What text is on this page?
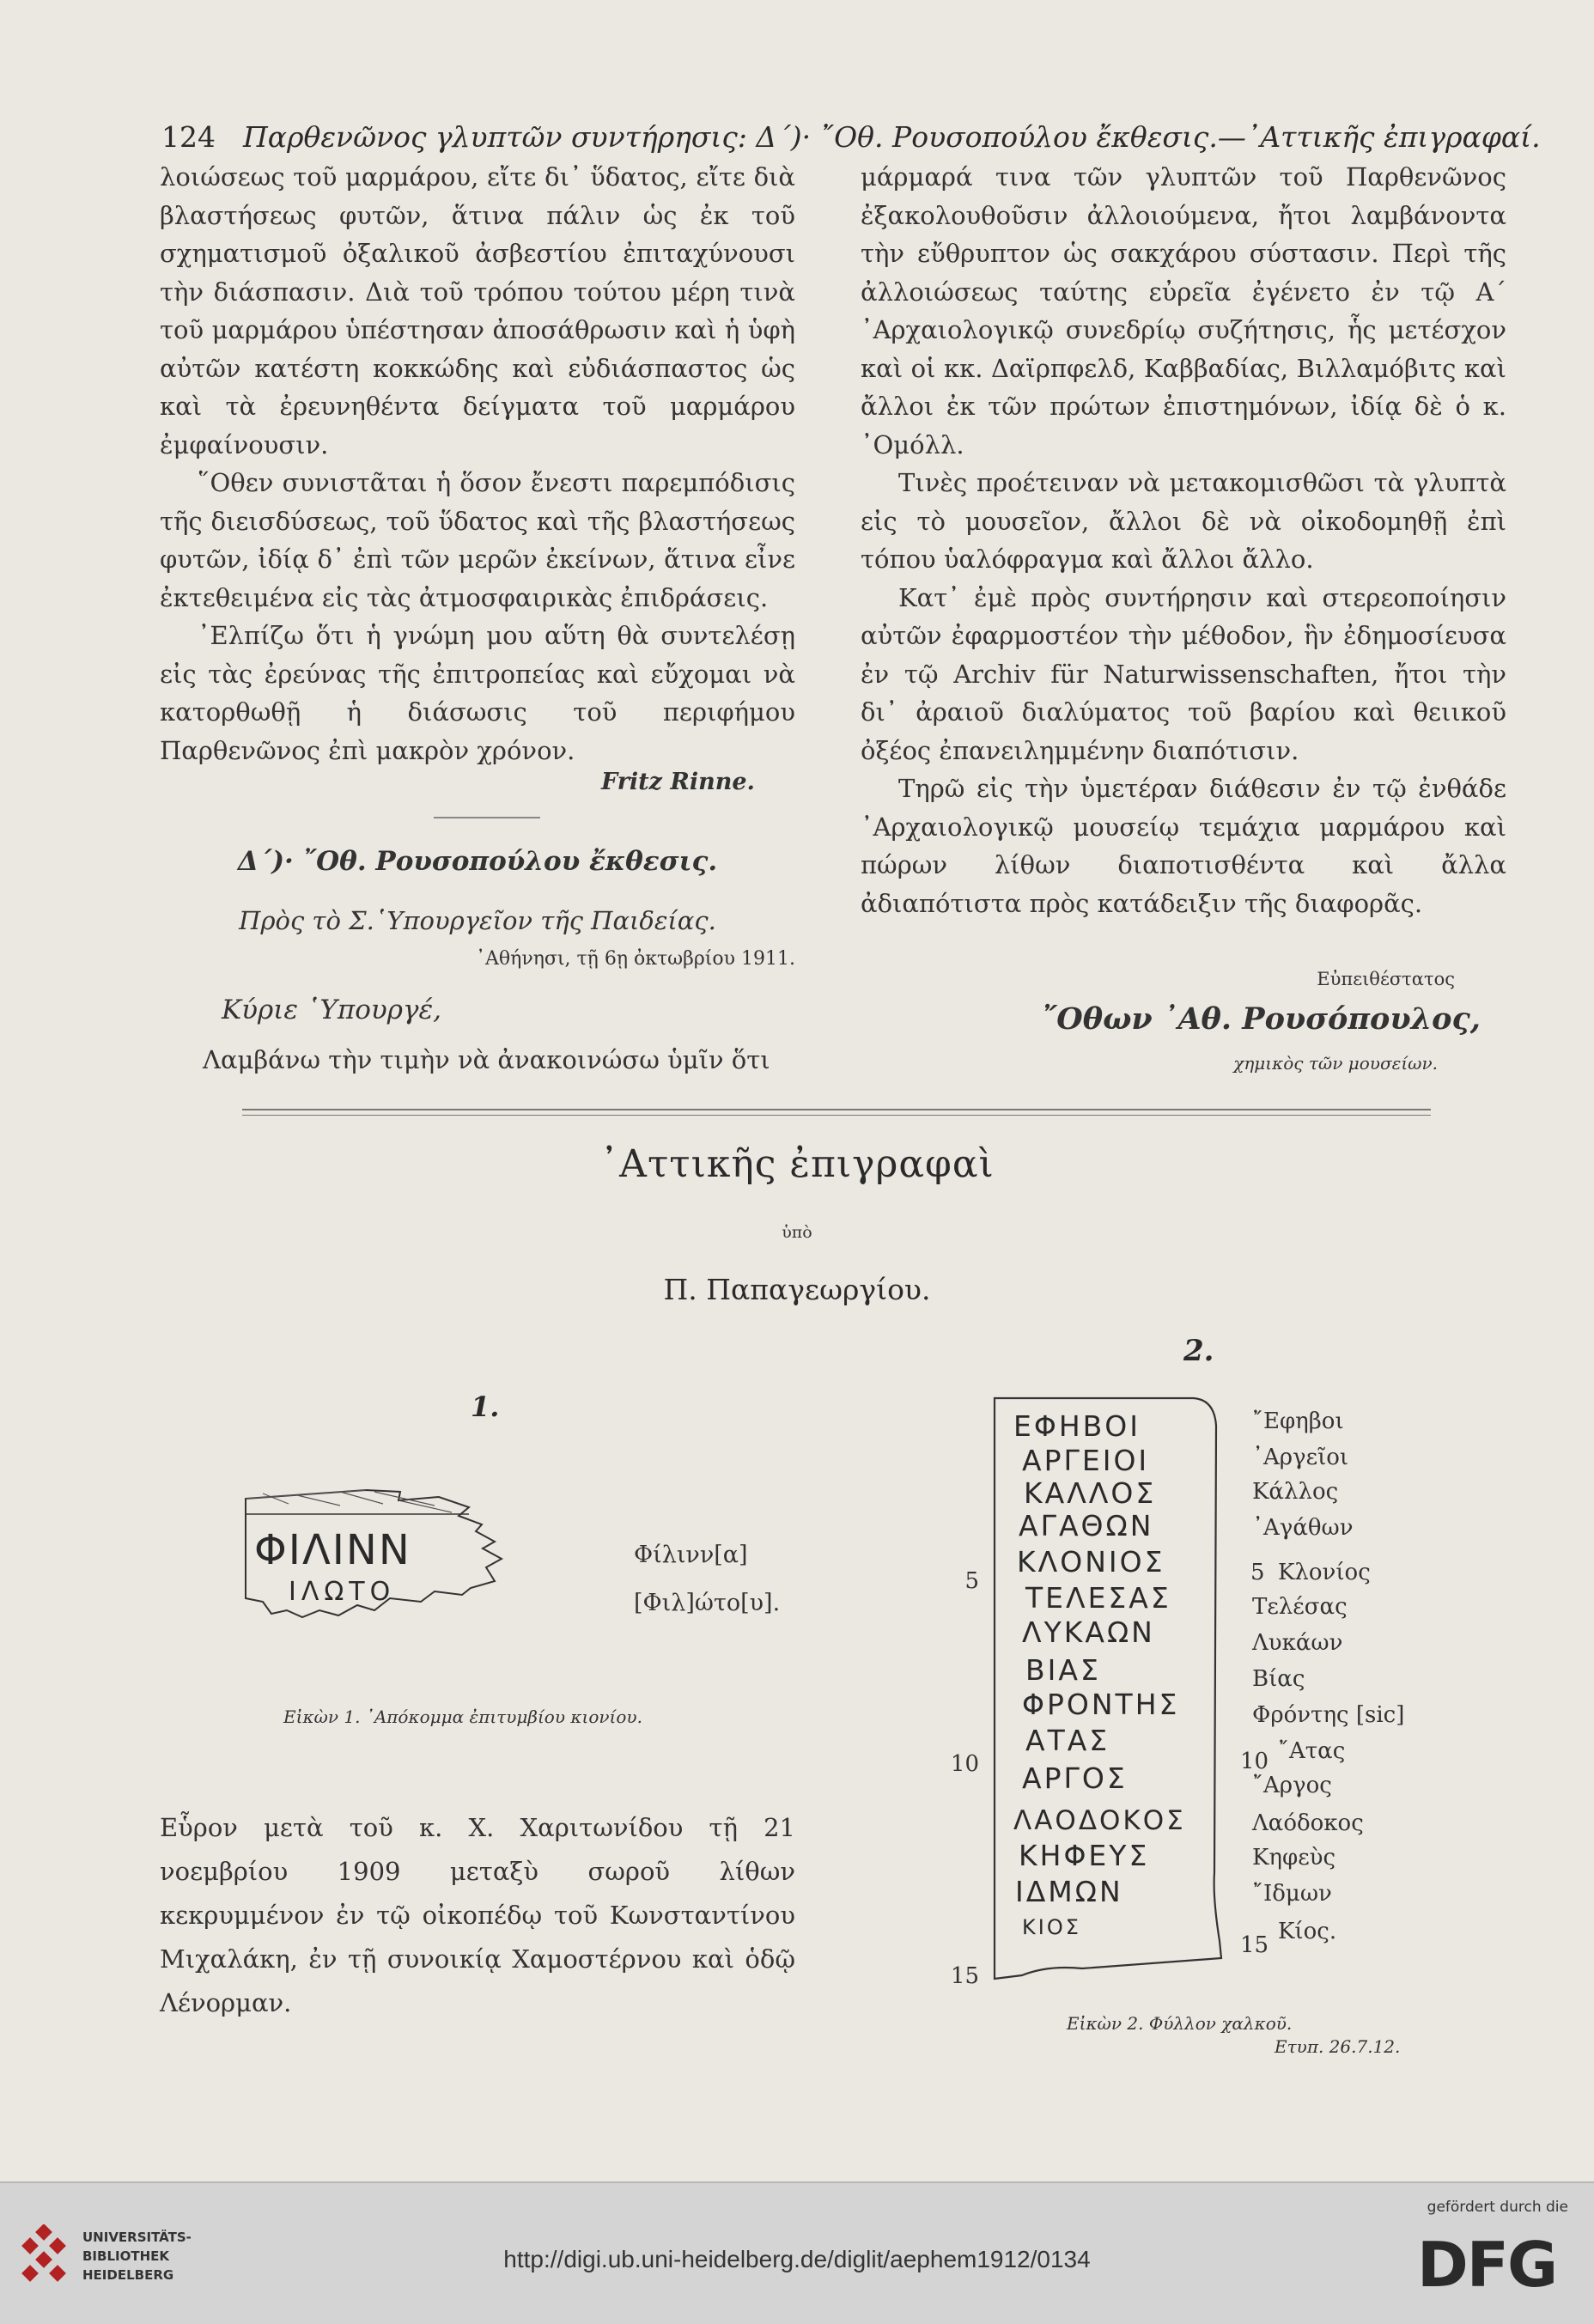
124 Παρθενῶνος γλυπτῶν συντήρησις: Δ΄)· ῎Οθ. Ρουσοπούλου ἔκθεσις.—᾿Αττικῆς ἐπιγραφαί.

λοιώσεως τοῦ μαρμάρου, εἴτε δι᾿ ὕδατος, εἴτε διὰ βλαστήσεως φυτῶν, ἅτινα πάλιν ὡς ἐκ τοῦ σχηματισμοῦ ὀξαλικοῦ ἀσβεστίου ἐπιταχύνουσι τὴν διάσπασιν. Διὰ τοῦ τρόπου τούτου μέρη τινὰ τοῦ μαρμάρου ὑπέστησαν ἀποσάθρωσιν καὶ ἡ ὑφὴ αὐτῶν κατέστη κοκκώδης καὶ εὐδιάσπαστος ὡς καὶ τὰ ἐρευνηθέντα δείγματα τοῦ μαρμάρου ἐμφαίνουσιν.

῞Οθεν συνιστᾶται ἡ ὅσον ἔνεστι παρεμπόδισις τῆς διεισδύσεως, τοῦ ὕδατος καὶ τῆς βλαστήσεως φυτῶν, ἰδίᾳ δ᾿ ἐπὶ τῶν μερῶν ἐκείνων, ἅτινα εἶνε ἐκτεθειμένα εἰς τὰς ἀτμοσφαιρικὰς ἐπιδράσεις.

᾿Ελπίζω ὅτι ἡ γνώμη μου αὕτη θὰ συντελέσῃ εἰς τὰς ἐρεύνας τῆς ἐπιτροπείας καὶ εὔχομαι νὰ κατορθωθῇ ἡ διάσωσις τοῦ περιφήμου Παρθενῶνος ἐπὶ μακρὸν χρόνον.

Fritz Rinne.
Δ΄)· ῎Οθ. Ρουσοπούλου ἔκθεσις.
Πρὸς τὸ Σ.῾Υπουργεῖον τῆς Παιδείας.
᾿Αθήνησι, τῇ 6ῃ ὀκτωβρίου 1911.
Κύριε ῾Υπουργέ,
Λαμβάνω τὴν τιμὴν νὰ ἀνακοινώσω ὑμῖν ὅτι

μάρμαρά τινα τῶν γλυπτῶν τοῦ Παρθενῶνος ἐξακολουθοῦσιν ἀλλοιούμενα, ἤτοι λαμβάνοντα τὴν εὔθρυπτον ὡς σακχάρου σύστασιν. Περὶ τῆς ἀλλοιώσεως ταύτης εὐρεῖα ἐγένετο ἐν τῷ Α΄ ᾿Αρχαιολογικῷ συνεδρίῳ συζήτησις, ἧς μετέσχον καὶ οἱ κκ. Δαϊρπφελδ, Καββαδίας, Βιλλαμόβιτς καὶ ἄλλοι ἐκ τῶν πρώτων ἐπιστημόνων, ἰδίᾳ δὲ ὁ κ. ᾿Ομόλλ.

Τινὲς προέτειναν νὰ μετακομισθῶσι τὰ γλυπτὰ εἰς τὸ μουσεῖον, ἄλλοι δὲ νὰ οἰκοδομηθῇ ἐπὶ τόπου ὑαλόφραγμα καὶ ἄλλοι ἄλλο.

Κατ᾿ ἐμὲ πρὸς συντήρησιν καὶ στερεοποίησιν αὐτῶν ἐφαρμοστέον τὴν μέθοδον, ἣν ἐδημοσίευσα ἐν τῷ Archiv für Naturwissenschaften, ἤτοι τὴν δι᾿ ἀραιοῦ διαλύματος τοῦ βαρίου καὶ θειικοῦ ὀξέος ἐπανειλημμένην διαπότισιν.

Τηρῶ εἰς τὴν ὑμετέραν διάθεσιν ἐν τῷ ἐνθάδε ᾿Αρχαιολογικῷ μουσείῳ τεμάχια μαρμάρου καὶ πώρων λίθων διαποτισθέντα καὶ ἄλλα ἀδιαπότιστα πρὸς κατάδειξιν τῆς διαφορᾶς.

Εὐπειθέστατος
῎Οθων ᾿Αθ. Ρουσόπουλος,
χημικὸς τῶν μουσείων.
᾿Αττικῆς ἐπιγραφαὶ
ὑπὸ
Π. Παπαγεωργίου.
1.
ΦΙΛΙΝΝ
ΙΛΩΤΟ
Φίλινν[α]
[Φιλ]ώτο[υ].
Εἰκὼν 1. ᾿Απόκομμα ἐπιτυμβίου κιονίου.
Εὗρον μετὰ τοῦ κ. Χ. Χαριτωνίδου τῇ 21 νοεμβρίου 1909 μεταξὺ σωροῦ λίθων κεκρυμμένον ἐν τῷ οἰκοπέδῳ τοῦ Κωνσταντίνου Μιχαλάκη, ἐν τῇ συνοικίᾳ Χαμοστέρνου καὶ ὁδῷ Λένορμαν.
2.
ΕΦΗΒΟΙ
ΑΡΓΕΙΟΙ
ΚΑΛΛΟΣ
ΑΓΑΘΩΝ
ΚΛΟΝΙΟΣ
ΤΕΛΕΣΑΣ
ΛΥΚΑΩΝ
ΒΙΑΣ
ΦΡΟΝΤΗΣ
ΑΤΑΣ
ΑΡΓΟΣ
ΛΑΟΔΟΚΟΣ
ΚΗΦΕΥΣ
ΙΔΜΩΝ
ΚΙΟΣ
5
10
15
5
10
15
῎Εφηβοι
᾿Αργεῖοι
Κάλλος
᾿Αγάθων
Κλονίος
Τελέσας
Λυκάων
Βίας
Φρόντης [sic]
῎Ατας
῎Αργος
Λαόδοκος
Κηφεὺς
῎Ιδμων
Κίος.
Εἰκὼν 2. Φύλλον χαλκοῦ.
Ετυπ. 26.7.12.
UNIVERSITÄTS-
BIBLIOTHEK
HEIDELBERG
http://digi.ub.uni-heidelberg.de/diglit/aephem1912/0134
gefördert durch die
DFG
